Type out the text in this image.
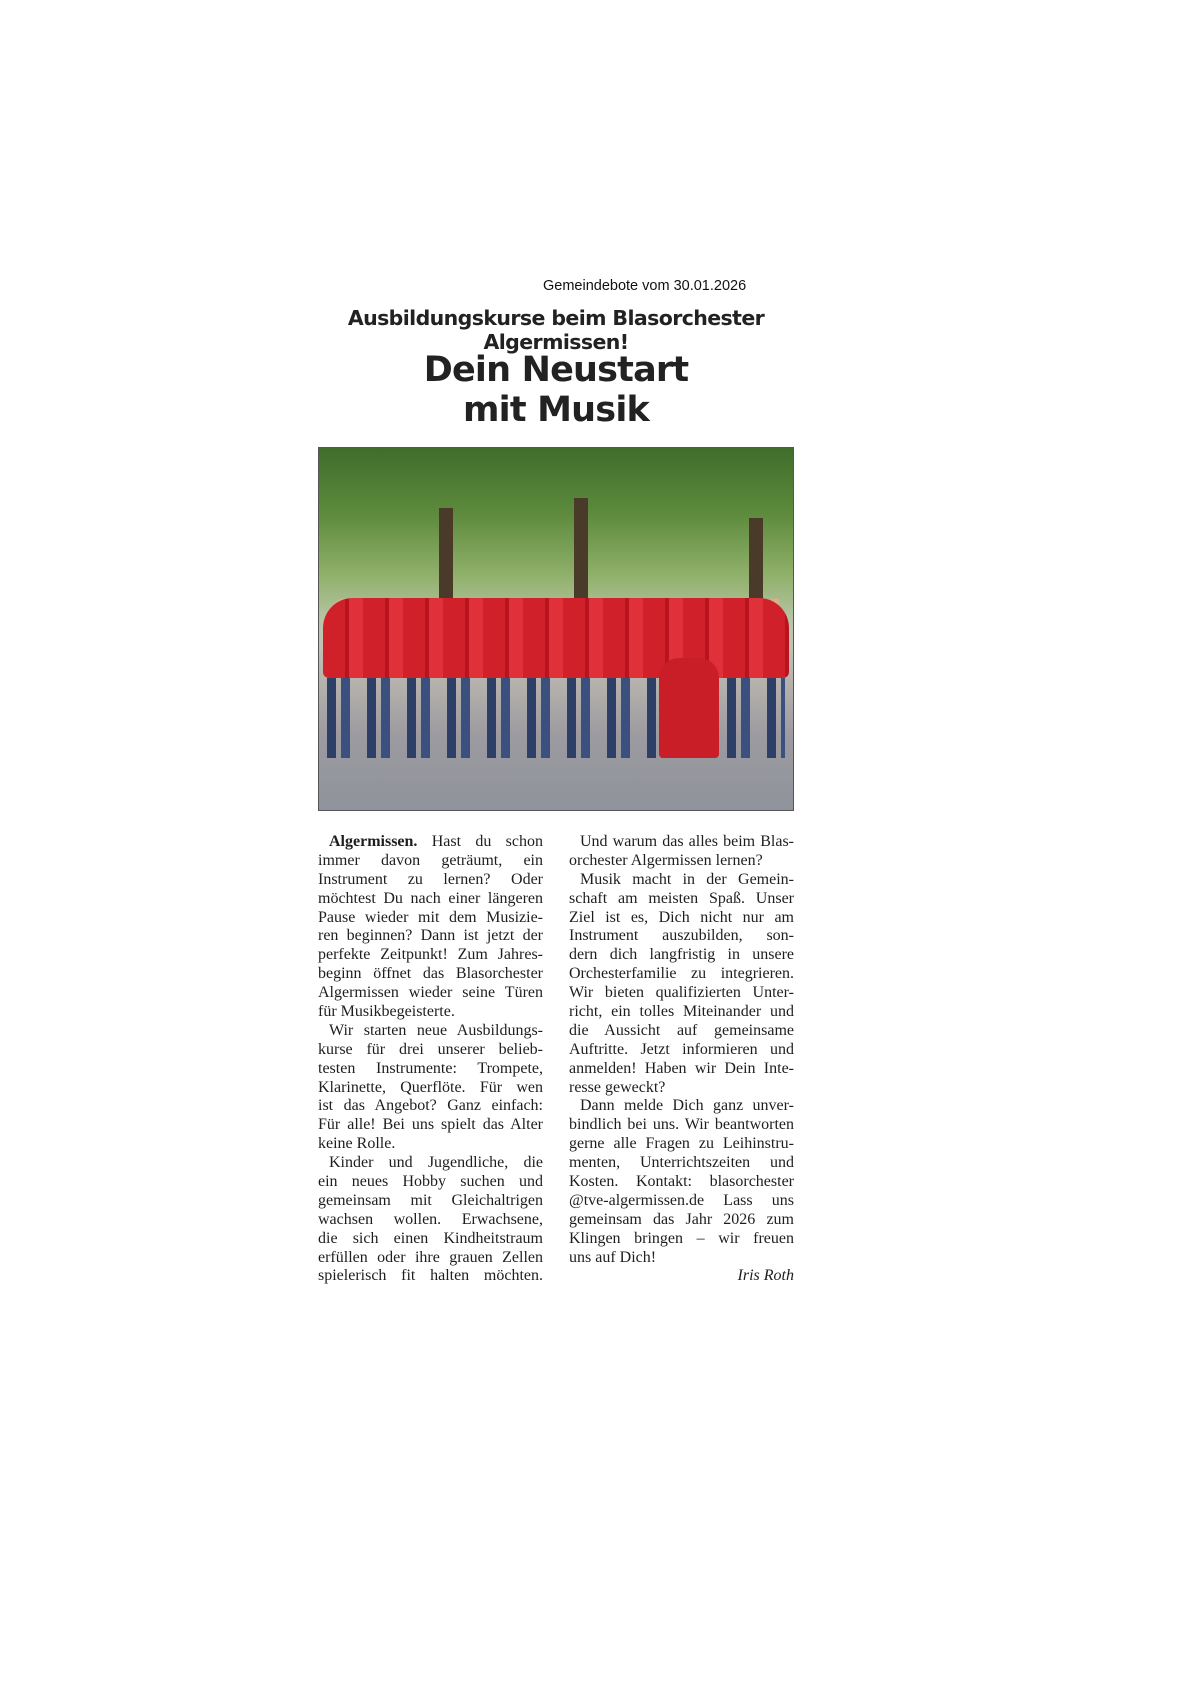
Gemeindebote vom 30.01.2026
Ausbildungskurse beim Blasorchester Algermissen!
Dein Neustart
mit Musik
Algermissen. Hast du schon
immer davon geträumt, ein
Instrument zu lernen? Oder
möchtest Du nach einer längeren
Pause wieder mit dem Musizie-
ren beginnen? Dann ist jetzt der
perfekte Zeitpunkt! Zum Jahres-
beginn öffnet das Blasorchester
Algermissen wieder seine Türen
für Musikbegeisterte.
Wir starten neue Ausbildungs-
kurse für drei unserer belieb-
testen Instrumente: Trompete,
Klarinette, Querflöte. Für wen
ist das Angebot? Ganz einfach:
Für alle! Bei uns spielt das Alter
keine Rolle.
Kinder und Jugendliche, die
ein neues Hobby suchen und
gemeinsam mit Gleichaltrigen
wachsen wollen. Erwachsene,
die sich einen Kindheitstraum
erfüllen oder ihre grauen Zellen
spielerisch fit halten möchten.
Und warum das alles beim Blas-
orchester Algermissen lernen?
Musik macht in der Gemein-
schaft am meisten Spaß. Unser
Ziel ist es, Dich nicht nur am
Instrument auszubilden, son-
dern dich langfristig in unsere
Orchesterfamilie zu integrieren.
Wir bieten qualifizierten Unter-
richt, ein tolles Miteinander und
die Aussicht auf gemeinsame
Auftritte. Jetzt informieren und
anmelden! Haben wir Dein Inte-
resse geweckt?
Dann melde Dich ganz unver-
bindlich bei uns. Wir beantworten
gerne alle Fragen zu Leihinstru-
menten, Unterrichtszeiten und
Kosten. Kontakt: blasorchester
@tve-algermissen.de Lass uns
gemeinsam das Jahr 2026 zum
Klingen bringen – wir freuen
uns auf Dich!
Iris Roth
